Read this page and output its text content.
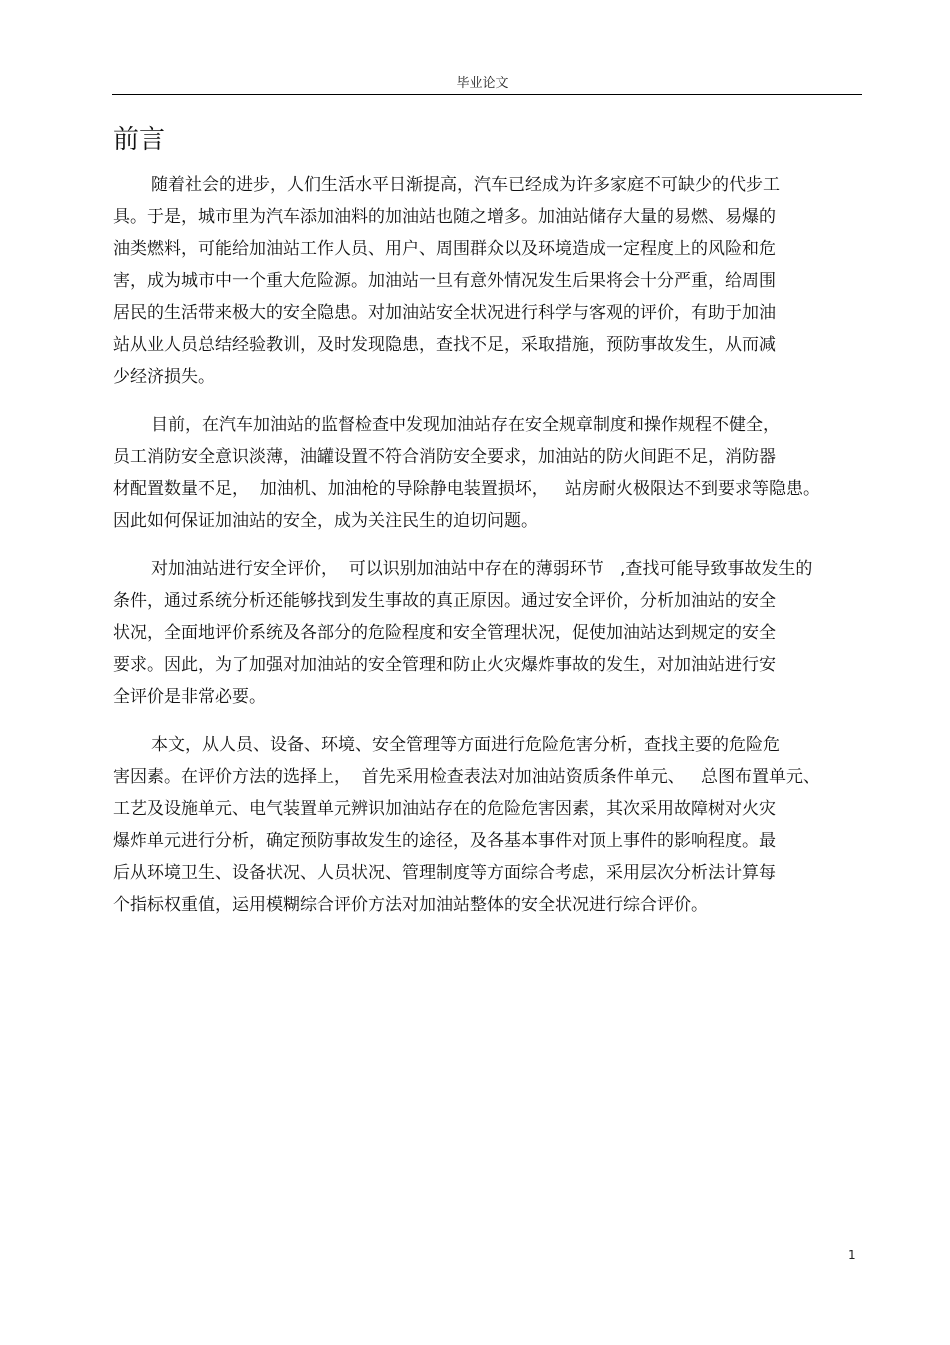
毕业论文
前言
随着社会的进步，人们生活水平日渐提高，汽车已经成为许多家庭不可缺少的代步工
具。于是，城市里为汽车添加油料的加油站也随之增多。加油站储存大量的易燃、易爆的
油类燃料，可能给加油站工作人员、用户、周围群众以及环境造成一定程度上的风险和危
害，成为城市中一个重大危险源。加油站一旦有意外情况发生后果将会十分严重，给周围
居民的生活带来极大的安全隐患。对加油站安全状况进行科学与客观的评价，有助于加油
站从业人员总结经验教训，及时发现隐患，查找不足，采取措施，预防事故发生，从而减
少经济损失。
目前，在汽车加油站的监督检查中发现加油站存在安全规章制度和操作规程不健全，
员工消防安全意识淡薄，油罐设置不符合消防安全要求，加油站的防火间距不足，消防器
材配置数量不足，  加油机、加油枪的导除静电装置损坏，   站房耐火极限达不到要求等隐患。
因此如何保证加油站的安全，成为关注民生的迫切问题。
对加油站进行安全评价，  可以识别加油站中存在的薄弱环节   ,查找可能导致事故发生的
条件，通过系统分析还能够找到发生事故的真正原因。通过安全评价，分析加油站的安全
状况，全面地评价系统及各部分的危险程度和安全管理状况，促使加油站达到规定的安全
要求。因此，为了加强对加油站的安全管理和防止火灾爆炸事故的发生，对加油站进行安
全评价是非常必要。
本文，从人员、设备、环境、安全管理等方面进行危险危害分析，查找主要的危险危
害因素。在评价方法的选择上，  首先采用检查表法对加油站资质条件单元、   总图布置单元、
工艺及设施单元、电气装置单元辨识加油站存在的危险危害因素，其次采用故障树对火灾
爆炸单元进行分析，确定预防事故发生的途径，及各基本事件对顶上事件的影响程度。最
后从环境卫生、设备状况、人员状况、管理制度等方面综合考虑，采用层次分析法计算每
个指标权重值，运用模糊综合评价方法对加油站整体的安全状况进行综合评价。
1
